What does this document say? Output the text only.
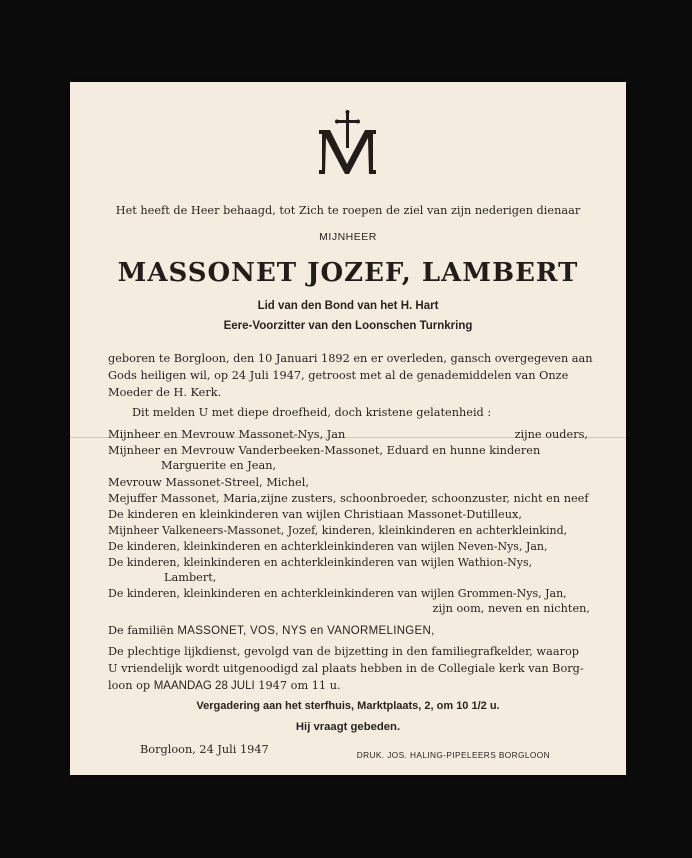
Het heeft de Heer behaagd, tot Zich te roepen de ziel van zijn nederigen dienaar
MIJNHEER
MASSONET JOZEF, LAMBERT
Lid van den Bond van het H. Hart
Eere-Voorzitter van den Loonschen Turnkring
geboren te Borgloon, den 10 Januari 1892 en er overleden, gansch overgegeven aan
Gods heiligen wil, op 24 Juli 1947, getroost met al de genademiddelen van Onze
Moeder de H. Kerk.
Dit melden U met diepe droefheid, doch kristene gelatenheid :
Mijnheer en Mevrouw Massonet-Nys, Jan	zijne ouders,
Mijnheer en Mevrouw Vanderbeeken-Massonet, Eduard en hunne kinderen
Marguerite en Jean,
Mevrouw Massonet-Streel, Michel,
Mejuffer Massonet, Maria, zijne zusters, schoonbroeder, schoonzuster, nicht en neef
De kinderen en kleinkinderen van wijlen Christiaan Massonet-Dutilleux,
Mijnheer Valkeneers-Massonet, Jozef, kinderen, kleinkinderen en achterkleinkind,
De kinderen, kleinkinderen en achterkleinkinderen van wijlen Neven-Nys, Jan,
De kinderen, kleinkinderen en achterkleinkinderen van wijlen Wathion-Nys,
Lambert,
De kinderen, kleinkinderen en achterkleinkinderen van wijlen Grommen-Nys, Jan,
zijn oom, neven en nichten,
De familiën MASSONET, VOS, NYS en VANORMELINGEN,
De plechtige lijkdienst, gevolgd van de bijzetting in den familiegrafkelder, waarop
U vriendelijk wordt uitgenoodigd zal plaats hebben in de Collegiale kerk van Borg-
loon op MAANDAG 28 JULI 1947 om 11 u.
Vergadering aan het sterfhuis, Marktplaats, 2, om 10 1/2 u.
Hij vraagt gebeden.
Borgloon, 24 Juli 1947	DRUK. JOS. HALING-PIPELEERS BORGLOON
